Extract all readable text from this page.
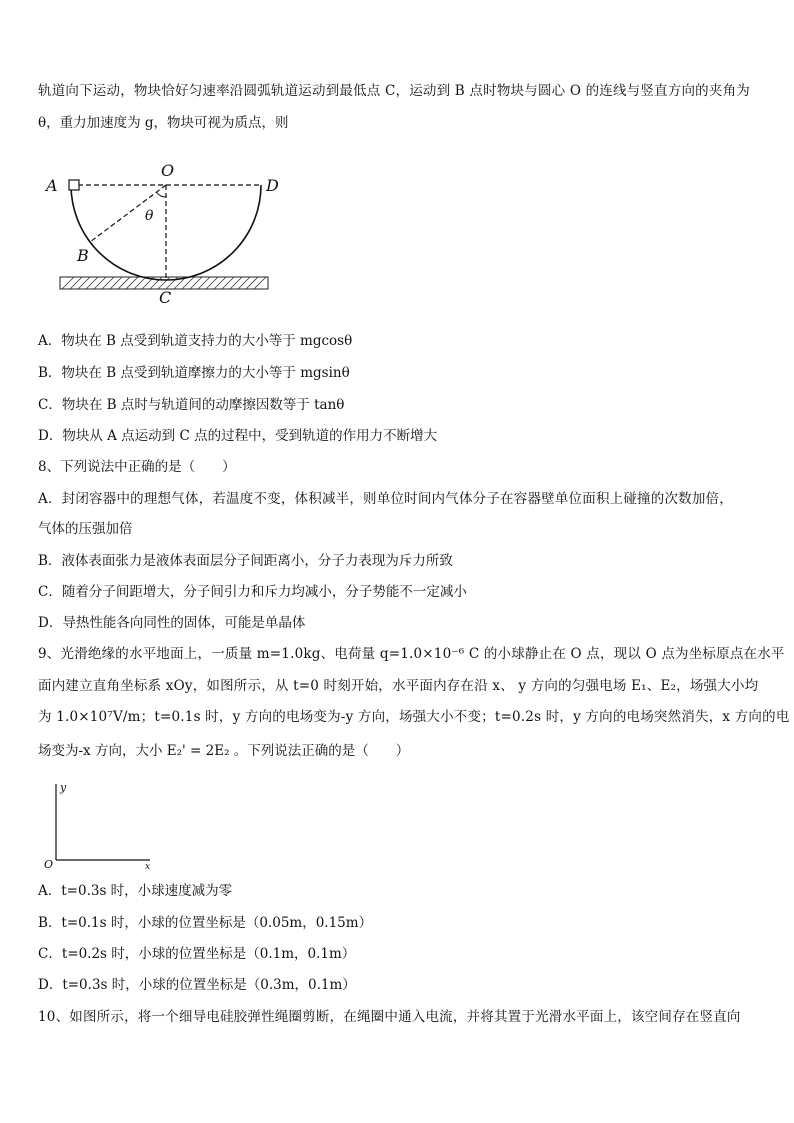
轨道向下运动，物块恰好匀速率沿圆弧轨道运动到最低点 C，运动到 B 点时物块与圆心 O 的连线与竖直方向的夹角为
θ，重力加速度为 g，物块可视为质点，则
A
O
D
B
C
θ
A．物块在 B 点受到轨道支持力的大小等于 mgcosθ
B．物块在 B 点受到轨道摩擦力的大小等于 mgsinθ
C．物块在 B 点时与轨道间的动摩擦因数等于 tanθ
D．物块从 A 点运动到 C 点的过程中，受到轨道的作用力不断增大
8、下列说法中正确的是（　　）
A．封闭容器中的理想气体，若温度不变，体积减半，则单位时间内气体分子在容器壁单位面积上碰撞的次数加倍，
气体的压强加倍
B．液体表面张力是液体表面层分子间距离小，分子力表现为斥力所致
C．随着分子间距增大，分子间引力和斥力均减小，分子势能不一定减小
D．导热性能各向同性的固体，可能是单晶体
9、光滑绝缘的水平地面上，一质量 m=1.0kg、电荷量 q=1.0×10⁻⁶ C 的小球静止在 O 点，现以 O 点为坐标原点在水平
面内建立直角坐标系 xOy，如图所示，从 t=0 时刻开始，水平面内存在沿 x、 y 方向的匀强电场 E₁、E₂，场强大小均
为 1.0×10⁷V/m；t=0.1s 时，y 方向的电场变为-y 方向，场强大小不变；t=0.2s 时，y 方向的电场突然消失，x 方向的电
场变为-x 方向，大小 E₂' = 2E₂ 。下列说法正确的是（　　）
y
O	x
A．t=0.3s 时，小球速度减为零
B．t=0.1s 时，小球的位置坐标是（0.05m，0.15m）
C．t=0.2s 时，小球的位置坐标是（0.1m，0.1m）
D．t=0.3s 时，小球的位置坐标是（0.3m，0.1m）
10、如图所示，将一个细导电硅胶弹性绳圈剪断，在绳圈中通入电流，并将其置于光滑水平面上，该空间存在竖直向
